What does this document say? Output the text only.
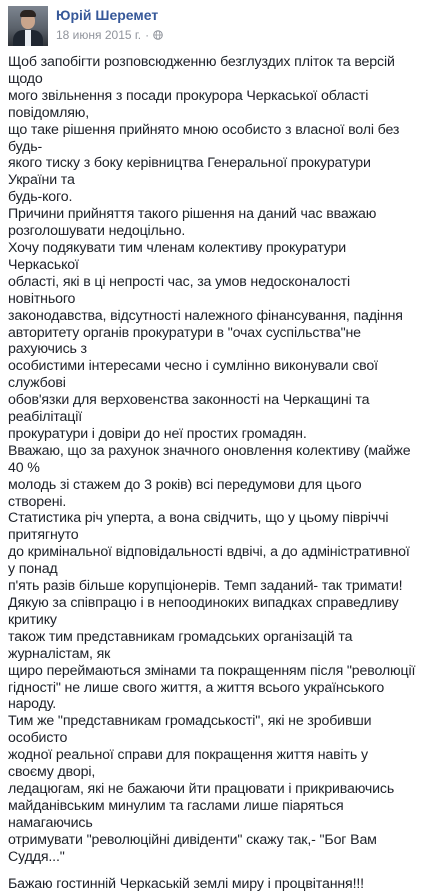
Юрій Шеремет
18 июня 2015 г. ·

Щоб запобігти розповсюдженню безглуздих пліток та версій щодо
мого звільнення з посади прокурора Черкаської області повідомляю,
що таке рішення прийнято мною особисто з власної волі без будь-
якого тиску з боку керівництва Генеральної прокуратури України та
будь-кого.

Причини прийняття такого рішення на даний час вважаю
розголошувати недоцільно.

Хочу подякувати тим членам колективу прокуратури Черкаської
області, які в ці непрості час, за умов недосконалості новітнього
законодавства, відсутності належного фінансування, падіння
авторитету органів прокуратури в "очах суспільства"не рахуючись з
особистими інтересами чесно і сумлінно виконували свої службові
обов'язки для верховенства законності на Черкащині та реабілітації
прокуратури і довіри до неї простих громадян.

Вважаю, що за рахунок значного оновлення колективу (майже 40 %
молодь зі стажем до 3 років) всі передумови для цього створені.

Статистика річ уперта, а вона свідчить, що у цьому півріччі притягнуто
до кримінальної відповідальності вдвічі, а до адміністративної у понад
п'ять разів більше корупціонерів. Темп заданий- так тримати!

Дякую за співпрацю і в непоодиноких випадках справедливу критику
також тим представникам громадських організацій та журналістам, як
щиро переймаються змінами та покращенням після "революції
гідності" не лише свого життя, а життя всього українського народу.

Тим же "представникам громадськості", які не зробивши особисто
жодної реальної справи для покращення життя навіть у своєму дворі,
ледацюгам, які не бажаючи йти працювати і прикриваючись
майданівським минулим та гаслами лише піаряться намагаючись
отримувати "революційні дивіденти" скажу так,- "Бог Вам Суддя..."

Бажаю гостинній Черкаській землі миру і процвітання!!!
